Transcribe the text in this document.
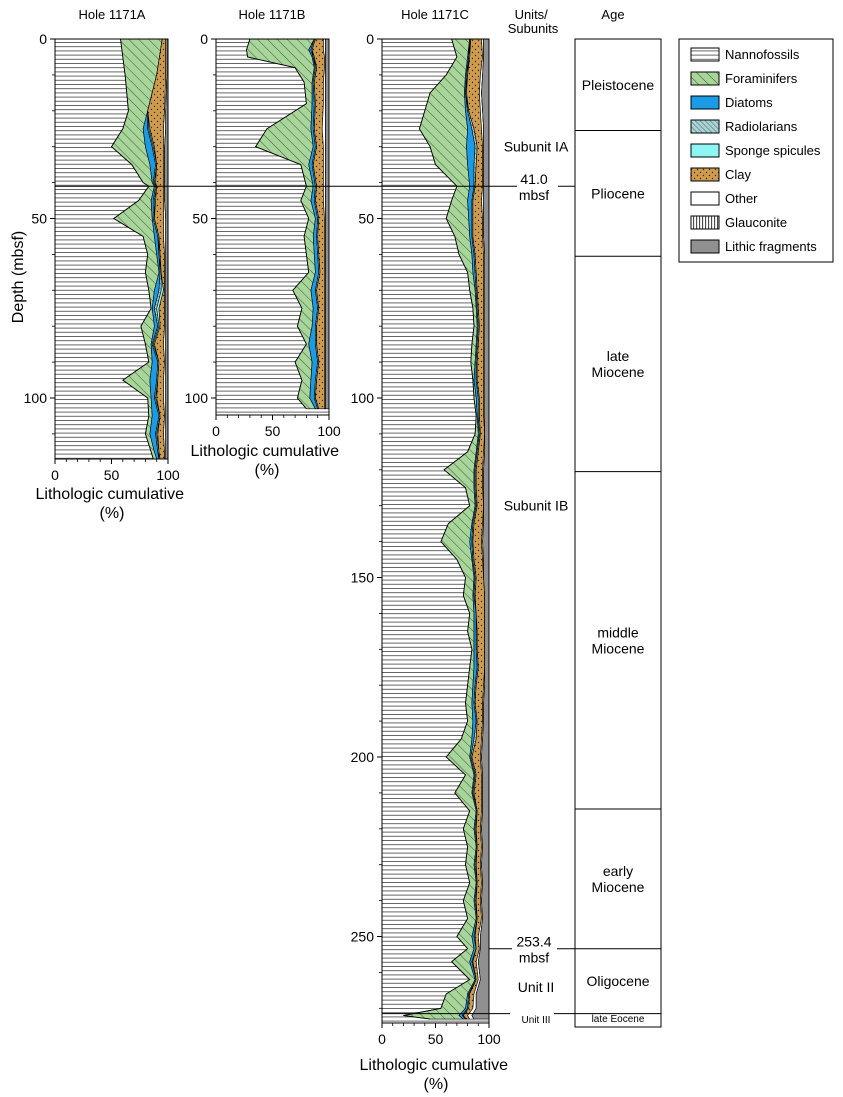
Hole 1171A	Hole 1171B	Hole 1171C	Units/ Subunits
Age
Depth (mbsf)
Lithologic cumulative (%)
Lithologic cumulative (%)
Lithologic cumulative (%)
0
50
100
0	50	100
0
50
100
0	50	100
0
50
100
150
200
250
0	50 100
Subunit IA
Subunit IB
Unit II
Unit III
41.0
mbsf
253.4
mbsf
Pleistocene
Pliocene
late Miocene
middle Miocene
early Miocene
Oligocene
late Eocene
Nannofossils
Foraminifers
Diatoms
Radiolarians
Sponge spicules
Clay
Other
Glauconite
Lithic fragments
